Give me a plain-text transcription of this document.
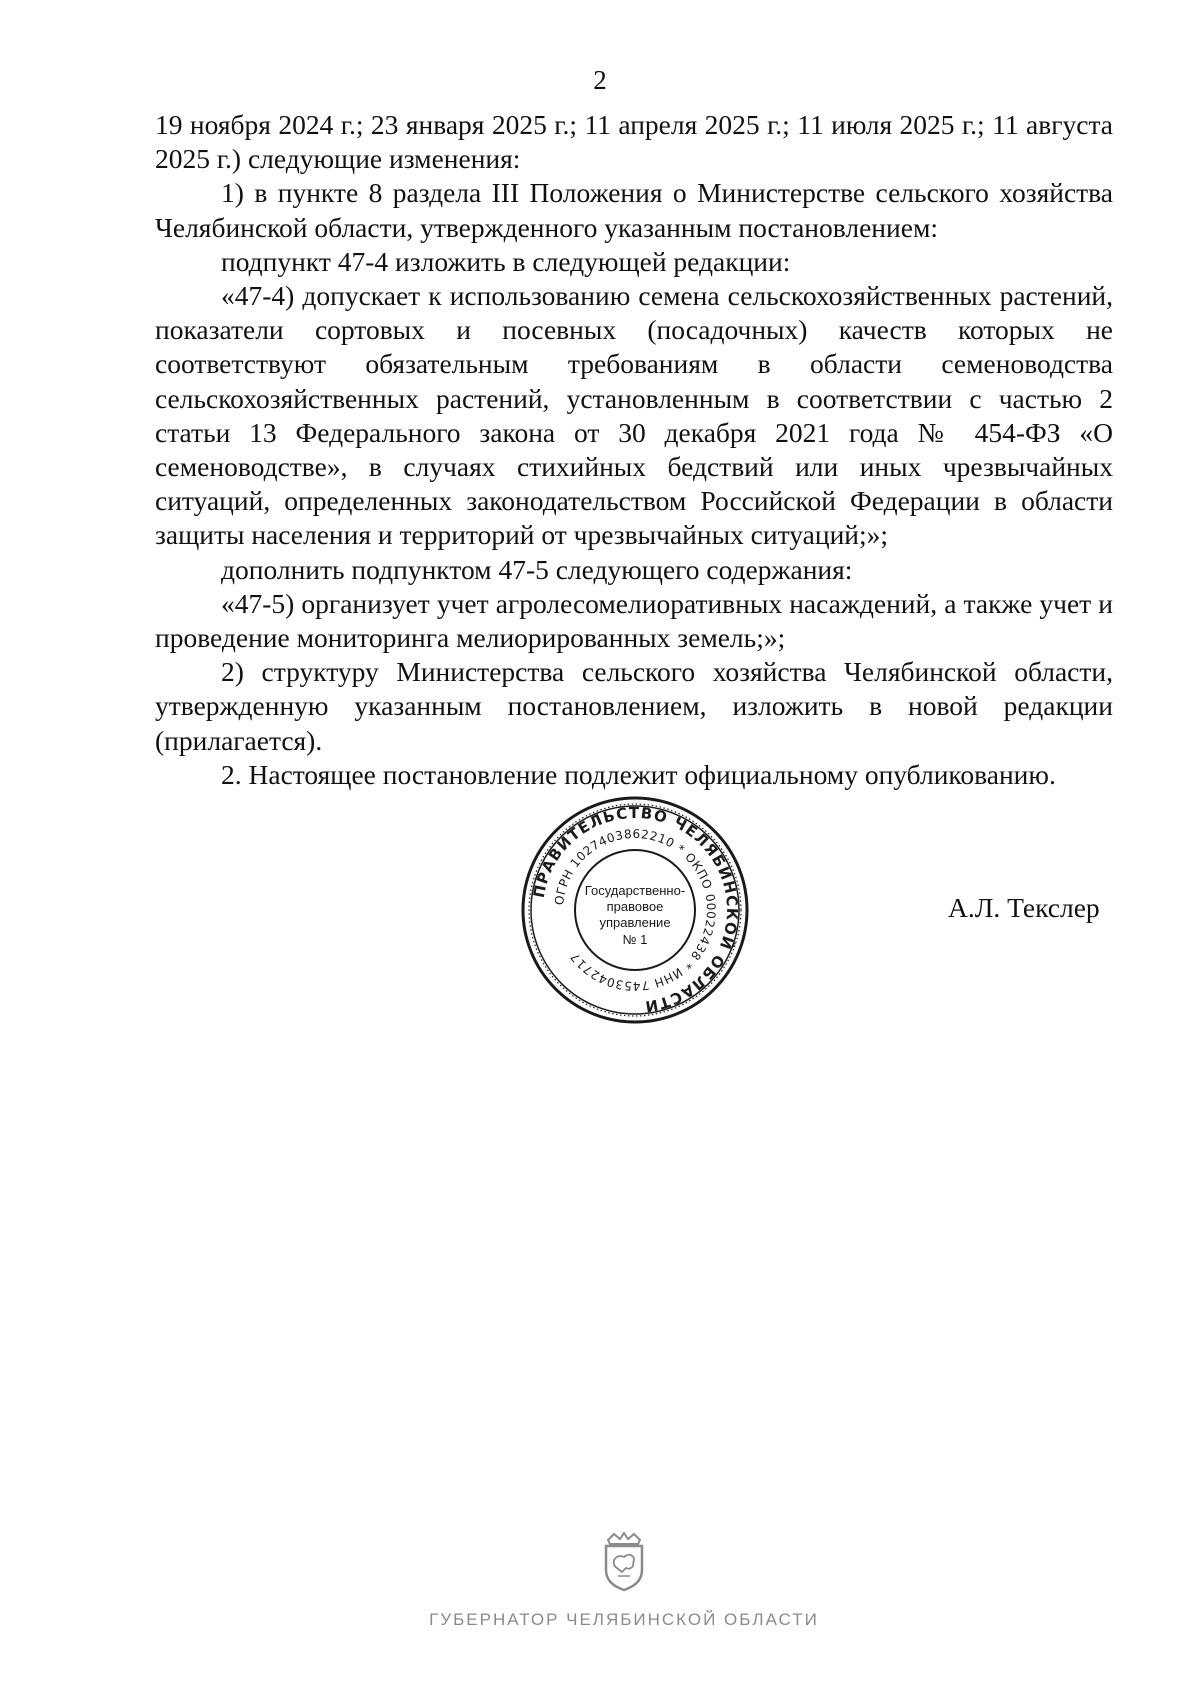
2

19 ноября 2024 г.; 23 января 2025 г.; 11 апреля 2025 г.; 11 июля 2025 г.; 11 августа 2025 г.) следующие изменения:

1) в пункте 8 раздела III Положения о Министерстве сельского хозяйства Челябинской области, утвержденного указанным постановлением:

подпункт 47-4 изложить в следующей редакции:

«47-4) допускает к использованию семена сельскохозяйственных растений, показатели сортовых и посевных (посадочных) качеств которых не соответствуют обязательным требованиям в области семеноводства сельскохозяйственных растений, установленным в соответствии с частью 2 статьи 13 Федерального закона от 30 декабря 2021 года № 454-ФЗ «О семеноводстве», в случаях стихийных бедствий или иных чрезвычайных ситуаций, определенных законодательством Российской Федерации в области защиты населения и территорий от чрезвычайных ситуаций;»;

дополнить подпунктом 47-5 следующего содержания:

«47-5) организует учет агролесомелиоративных насаждений, а также учет и проведение мониторинга мелиорированных земель;»;

2) структуру Министерства сельского хозяйства Челябинской области, утвержденную указанным постановлением, изложить в новой редакции (прилагается).

2. Настоящее постановление подлежит официальному опубликованию.

ПРАВИТЕЛЬСТВО ЧЕЛЯБИНСКОЙ ОБЛАСТИ
ОГРН 1027403862210 * ОКПО 00022438 * ИНН 7453042717
Государственно-
правовое
управление
№ 1
А.Л. Текслер
ГУБЕРНАТОР ЧЕЛЯБИНСКОЙ ОБЛАСТИ
